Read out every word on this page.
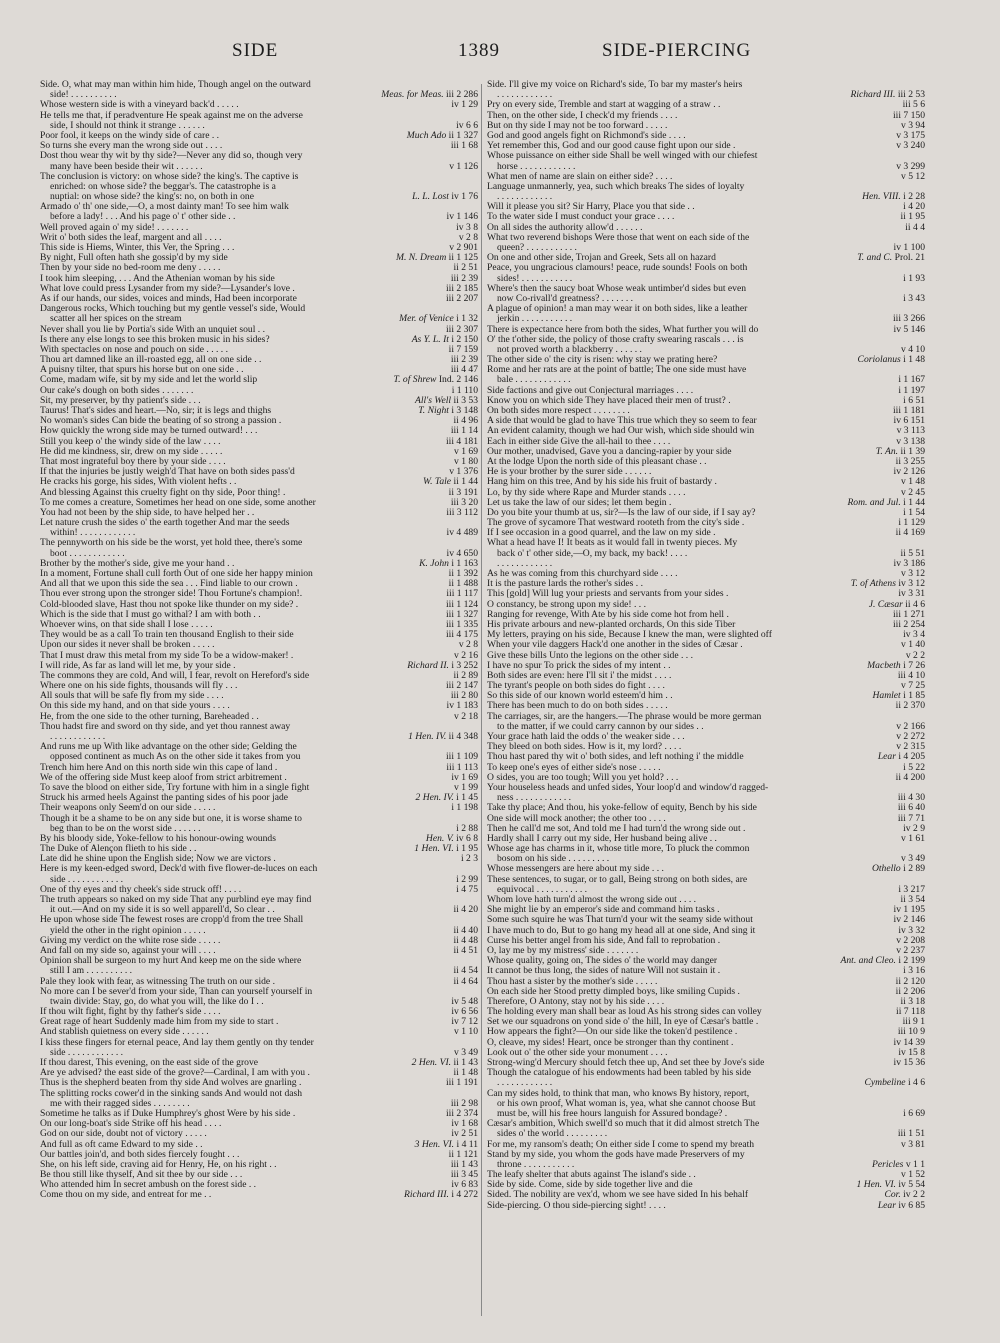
SIDE	1389	SIDE-PIERCING
Side. O, what may man within him hide, Though angel on the outward
side! . . . . . . . . . .	Meas. for Meas. iii 2 286
Whose western side is with a vineyard back'd . . . . .	iv 1 29
He tells me that, if peradventure He speak against me on the adverse
side, I should not think it strange . . . . . .	iv 6 6
Poor fool, it keeps on the windy side of care . .	Much Ado ii 1 327
So turns she every man the wrong side out . . . .	iii 1 68
Dost thou wear thy wit by thy side?—Never any did so, though very
many have been beside their wit . . . . . .	v 1 126
The conclusion is victory: on whose side? the king's. The captive is
enriched: on whose side? the beggar's. The catastrophe is a
nuptial: on whose side? the king's: no, on both in one	L. L. Lost iv 1 76
Armado o' th' one side,—O, a most dainty man! To see him walk
before a lady! . . . And his page o' t' other side . .	iv 1 146
Well proved again o' my side! . . . . . . .	iv 3 8
Writ o' both sides the leaf, margent and all . . . .	v 2 8
This side is Hiems, Winter, this Ver, the Spring . . .	v 2 901
By night, Full often hath she gossip'd by my side	M. N. Dream ii 1 125
Then by your side no bed-room me deny . . . . .	ii 2 51
I took him sleeping, . . . And the Athenian woman by his side	iii 2 39
What love could press Lysander from my side?—Lysander's love .	iii 2 185
As if our hands, our sides, voices and minds, Had been incorporate	iii 2 207
Dangerous rocks, Which touching but my gentle vessel's side, Would
scatter all her spices on the stream	Mer. of Venice i 1 32
Never shall you lie by Portia's side With an unquiet soul . .	iii 2 307
Is there any else longs to see this broken music in his sides?	As Y. L. It i 2 150
With spectacles on nose and pouch on side . . . . .	ii 7 159
Thou art damned like an ill-roasted egg, all on one side . .	iii 2 39
A puisny tilter, that spurs his horse but on one side . .	iii 4 47
Come, madam wife, sit by my side and let the world slip	T. of Shrew Ind. 2 146
Our cake's dough on both sides . . . . . . .	i 1 110
Sit, my preserver, by thy patient's side . . .	All's Well ii 3 53
Taurus! That's sides and heart.—No, sir; it is legs and thighs	T. Night i 3 148
No woman's sides Can bide the beating of so strong a passion .	ii 4 96
How quickly the wrong side may be turned outward! . . .	iii 1 14
Still you keep o' the windy side of the law . . . .	iii 4 181
He did me kindness, sir, drew on my side . . . . .	v 1 69
That most ingrateful boy there by your side . . . .	v 1 80
If that the injuries be justly weigh'd That have on both sides pass'd	v 1 376
He cracks his gorge, his sides, With violent hefts . .	W. Tale ii 1 44
And blessing Against this cruelty fight on thy side, Poor thing! .	ii 3 191
To me comes a creature, Sometimes her head on one side, some another	iii 3 20
You had not been by the ship side, to have helped her . .	iii 3 112
Let nature crush the sides o' the earth together And mar the seeds
within! . . . . . . . . . . . .	iv 4 489
The pennyworth on his side be the worst, yet hold thee, there's some
boot . . . . . . . . . . . .	iv 4 650
Brother by the mother's side, give me your hand . .	K. John i 1 163
In a moment, Fortune shall cull forth Out of one side her happy minion	ii 1 392
And all that we upon this side the sea . . . Find liable to our crown .	ii 1 488
Thou ever strong upon the stronger side! Thou Fortune's champion!.	iii 1 117
Cold-blooded slave, Hast thou not spoke like thunder on my side? .	iii 1 124
Which is the side that I must go withal? I am with both . .	iii 1 327
Whoever wins, on that side shall I lose . . . . .	iii 1 335
They would be as a call To train ten thousand English to their side	iii 4 175
Upon our sides it never shall be broken . . . . .	v 2 8
That I must draw this metal from my side To be a widow-maker! .	v 2 16
I will ride, As far as land will let me, by your side .	Richard II. i 3 252
The commons they are cold, And will, I fear, revolt on Hereford's side	ii 2 89
Where one on his side fights, thousands will fly . . .	iii 2 147
All souls that will be safe fly from my side . . . .	iii 2 80
On this side my hand, and on that side yours . . . .	iv 1 183
He, from the one side to the other turning, Bareheaded . .	v 2 18
Thou hadst fire and sword on thy side, and yet thou rannest away
. . . . . . . . . . . .	1 Hen. IV. ii 4 348
And runs me up With like advantage on the other side; Gelding the
opposed continent as much As on the other side it takes from you	iii 1 109
Trench him here And on this north side win this cape of land .	iii 1 113
We of the offering side Must keep aloof from strict arbitrement .	iv 1 69
To save the blood on either side, Try fortune with him in a single fight	v 1 99
Struck his armed heels Against the panting sides of his poor jade	2 Hen. IV. i 1 45
Their weapons only Seem'd on our side . . . . .	i 1 198
Though it be a shame to be on any side but one, it is worse shame to
beg than to be on the worst side . . . . . .	i 2 88
By his bloody side, Yoke-fellow to his honour-owing wounds	Hen. V. iv 6 8
The Duke of Alençon flieth to his side . .	1 Hen. VI. i 1 95
Late did he shine upon the English side; Now we are victors .	i 2 3
Here is my keen-edged sword, Deck'd with five flower-de-luces on each
side . . . . . . . . . . . .	i 2 99
One of thy eyes and thy cheek's side struck off! . . . .	i 4 75
The truth appears so naked on my side That any purblind eye may find
it out.—And on my side it is so well apparell'd, So clear . .	ii 4 20
He upon whose side The fewest roses are cropp'd from the tree Shall
yield the other in the right opinion . . . . .	ii 4 40
Giving my verdict on the white rose side . . . . .	ii 4 48
And fall on my side so, against your will . . . .	ii 4 51
Opinion shall be surgeon to my hurt And keep me on the side where
still I am . . . . . . . . . .	ii 4 54
Pale they look with fear, as witnessing The truth on our side .	ii 4 64
No more can I be sever'd from your side, Than can yourself yourself in
twain divide: Stay, go, do what you will, the like do I . .	iv 5 48
If thou wilt fight, fight by thy father's side . . . .	iv 6 56
Great rage of heart Suddenly made him from my side to start .	iv 7 12
And stablish quietness on every side . . . . . .	v 1 10
I kiss these fingers for eternal peace, And lay them gently on thy tender
side . . . . . . . . . . . .	v 3 49
If thou darest, This evening, on the east side of the grove	2 Hen. VI. ii 1 43
Are ye advised? the east side of the grove?—Cardinal, I am with you .	ii 1 48
Thus is the shepherd beaten from thy side And wolves are gnarling .	iii 1 191
The splitting rocks cower'd in the sinking sands And would not dash
me with their ragged sides . . . . . . . .	iii 2 98
Sometime he talks as if Duke Humphrey's ghost Were by his side .	iii 2 374
On our long-boat's side Strike off his head . . . .	iv 1 68
God on our side, doubt not of victory . . . . .	iv 2 51
And full as oft came Edward to my side . .	3 Hen. VI. i 4 11
Our battles join'd, and both sides fiercely fought . . .	ii 1 121
She, on his left side, craving aid for Henry, He, on his right . .	iii 1 43
Be thou still like thyself, And sit thee by our side . . .	iii 3 45
Who attended him In secret ambush on the forest side . .	iv 6 83
Come thou on my side, and entreat for me . .	Richard III. i 4 272
Side. I'll give my voice on Richard's side, To bar my master's heirs
. . . . . . . . . . . .	Richard III. iii 2 53
Pry on every side, Tremble and start at wagging of a straw . .	iii 5 6
Then, on the other side, I check'd my friends . . . .	iii 7 150
But on thy side I may not be too forward . . . . .	v 3 94
God and good angels fight on Richmond's side . . . .	v 3 175
Yet remember this, God and our good cause fight upon our side .	v 3 240
Whose puissance on either side Shall be well winged with our chiefest
horse . . . . . . . . . . . .	v 3 299
What men of name are slain on either side? . . . .	v 5 12
Language unmannerly, yea, such which breaks The sides of loyalty
. . . . . . . . . . . .	Hen. VIII. i 2 28
Will it please you sit? Sir Harry, Place you that side . .	i 4 20
To the water side I must conduct your grace . . . .	ii 1 95
On all sides the authority allow'd . . . . . .	ii 4 4
What two reverend bishops Were those that went on each side of the
queen? . . . . . . . . . . .	iv 1 100
On one and other side, Trojan and Greek, Sets all on hazard	T. and C. Prol. 21
Peace, you ungracious clamours! peace, rude sounds! Fools on both
sides! . . . . . . . . . . .	i 1 93
Where's then the saucy boat Whose weak untimber'd sides but even
now Co-rivall'd greatness? . . . . . . .	i 3 43
A plague of opinion! a man may wear it on both sides, like a leather
jerkin . . . . . . . . . . .	iii 3 266
There is expectance here from both the sides, What further you will do	iv 5 146
O' the t'other side, the policy of those crafty swearing rascals . . . is
not proved worth a blackberry . . . . . .	v 4 10
The other side o' the city is risen: why stay we prating here?	Coriolanus i 1 48
Rome and her rats are at the point of battle; The one side must have
bale . . . . . . . . . . . .	i 1 167
Side factions and give out Conjectural marriages . . . .	i 1 197
Know you on which side They have placed their men of trust? .	i 6 51
On both sides more respect . . . . . . . .	iii 1 181
A side that would be glad to have This true which they so seem to fear	iv 6 151
An evident calamity, though we had Our wish, which side should win	v 3 113
Each in either side Give the all-hail to thee . . . .	v 3 138
Our mother, unadvised, Gave you a dancing-rapier by your side	T. An. ii 1 39
At the lodge Upon the north side of this pleasant chase . .	ii 3 255
He is your brother by the surer side . . . . . .	iv 2 126
Hang him on this tree, And by his side his fruit of bastardy .	v 1 48
Lo, by thy side where Rape and Murder stands . . . .	v 2 45
Let us take the law of our sides; let them begin .	Rom. and Jul. i 1 44
Do you bite your thumb at us, sir?—Is the law of our side, if I say ay?	i 1 54
The grove of sycamore That westward rooteth from the city's side .	i 1 129
If I see occasion in a good quarrel, and the law on my side .	ii 4 169
What a head have I! It beats as it would fall in twenty pieces. My
back o' t' other side,—O, my back, my back! . . . .	ii 5 51
. . . . . . . . . . . .	iv 3 186
As he was coming from this churchyard side . . . .	v 3 12
It is the pasture lards the rother's sides . .	T. of Athens iv 3 12
This [gold] Will lug your priests and servants from your sides .	iv 3 31
O constancy, be strong upon my side! . . .	J. Cæsar ii 4 6
Ranging for revenge, With Ate by his side come hot from hell .	iii 1 271
His private arbours and new-planted orchards, On this side Tiber	iii 2 254
My letters, praying on his side, Because I knew the man, were slighted off	iv 3 4
When your vile daggers Hack'd one another in the sides of Cæsar .	v 1 40
Give these bills Unto the legions on the other side . . .	v 2 2
I have no spur To prick the sides of my intent . .	Macbeth i 7 26
Both sides are even: here I'll sit i' the midst . . . .	iii 4 10
The tyrant's people on both sides do fight . . . .	v 7 25
So this side of our known world esteem'd him . .	Hamlet i 1 85
There has been much to do on both sides . . . . .	ii 2 370
The carriages, sir, are the hangers.—The phrase would be more german
to the matter, if we could carry cannon by our sides . .	v 2 166
Your grace hath laid the odds o' the weaker side . . .	v 2 272
They bleed on both sides. How is it, my lord? . . . .	v 2 315
Thou hast pared thy wit o' both sides, and left nothing i' the middle	Lear i 4 205
To keep one's eyes of either side's nose . . . . .	i 5 22
O sides, you are too tough; Will you yet hold? . . .	ii 4 200
Your houseless heads and unfed sides, Your loop'd and window'd ragged-
ness . . . . . . . . . . . .	iii 4 30
Take thy place; And thou, his yoke-fellow of equity, Bench by his side	iii 6 40
One side will mock another; the other too . . . .	iii 7 71
Then he call'd me sot, And told me I had turn'd the wrong side out .	iv 2 9
Hardly shall I carry out my side, Her husband being alive . .	v 1 61
Whose age has charms in it, whose title more, To pluck the common
bosom on his side . . . . . . . . .	v 3 49
Whose messengers are here about my side . . .	Othello i 2 89
These sentences, to sugar, or to gall, Being strong on both sides, are
equivocal . . . . . . . . . . .	i 3 217
Whom love hath turn'd almost the wrong side out . . . .	ii 3 54
She might lie by an emperor's side and command him tasks .	iv 1 195
Some such squire he was That turn'd your wit the seamy side without	iv 2 146
I have much to do, But to go hang my head all at one side, And sing it	iv 3 32
Curse his better angel from his side, And fall to reprobation .	v 2 208
O, lay me by my mistress' side . . . . . . .	v 2 237
Whose quality, going on, The sides o' the world may danger	Ant. and Cleo. i 2 199
It cannot be thus long, the sides of nature Will not sustain it .	i 3 16
Thou hast a sister by the mother's side . . . . .	ii 2 120
On each side her Stood pretty dimpled boys, like smiling Cupids .	ii 2 206
Therefore, O Antony, stay not by his side . . . .	ii 3 18
The holding every man shall bear as loud As his strong sides can volley	ii 7 118
Set we our squadrons on yond side o' the hill, In eye of Cæsar's battle .	iii 9 1
How appears the fight?—On our side like the token'd pestilence .	iii 10 9
O, cleave, my sides! Heart, once be stronger than thy continent .	iv 14 39
Look out o' the other side your monument . . . .	iv 15 8
Strong-wing'd Mercury should fetch thee up, And set thee by Jove's side	iv 15 36
Though the catalogue of his endowments had been tabled by his side
. . . . . . . . . . . .	Cymbeline i 4 6
Can my sides hold, to think that man, who knows By history, report,
or his own proof, What woman is, yea, what she cannot choose But
must be, will his free hours languish for Assured bondage? .	i 6 69
Cæsar's ambition, Which swell'd so much that it did almost stretch The
sides o' the world . . . . . . . . .	iii 1 51
For me, my ransom's death; On either side I come to spend my breath	v 3 81
Stand by my side, you whom the gods have made Preservers of my
throne . . . . . . . . . . .	Pericles v 1 1
The leafy shelter that abuts against The island's side . .	v 1 52
Side by side. Come, side by side together live and die	1 Hen. VI. iv 5 54
Sided. The nobility are vex'd, whom we see have sided In his behalf	Cor. iv 2 2
Side-piercing. O thou side-piercing sight! . . . .	Lear iv 6 85
